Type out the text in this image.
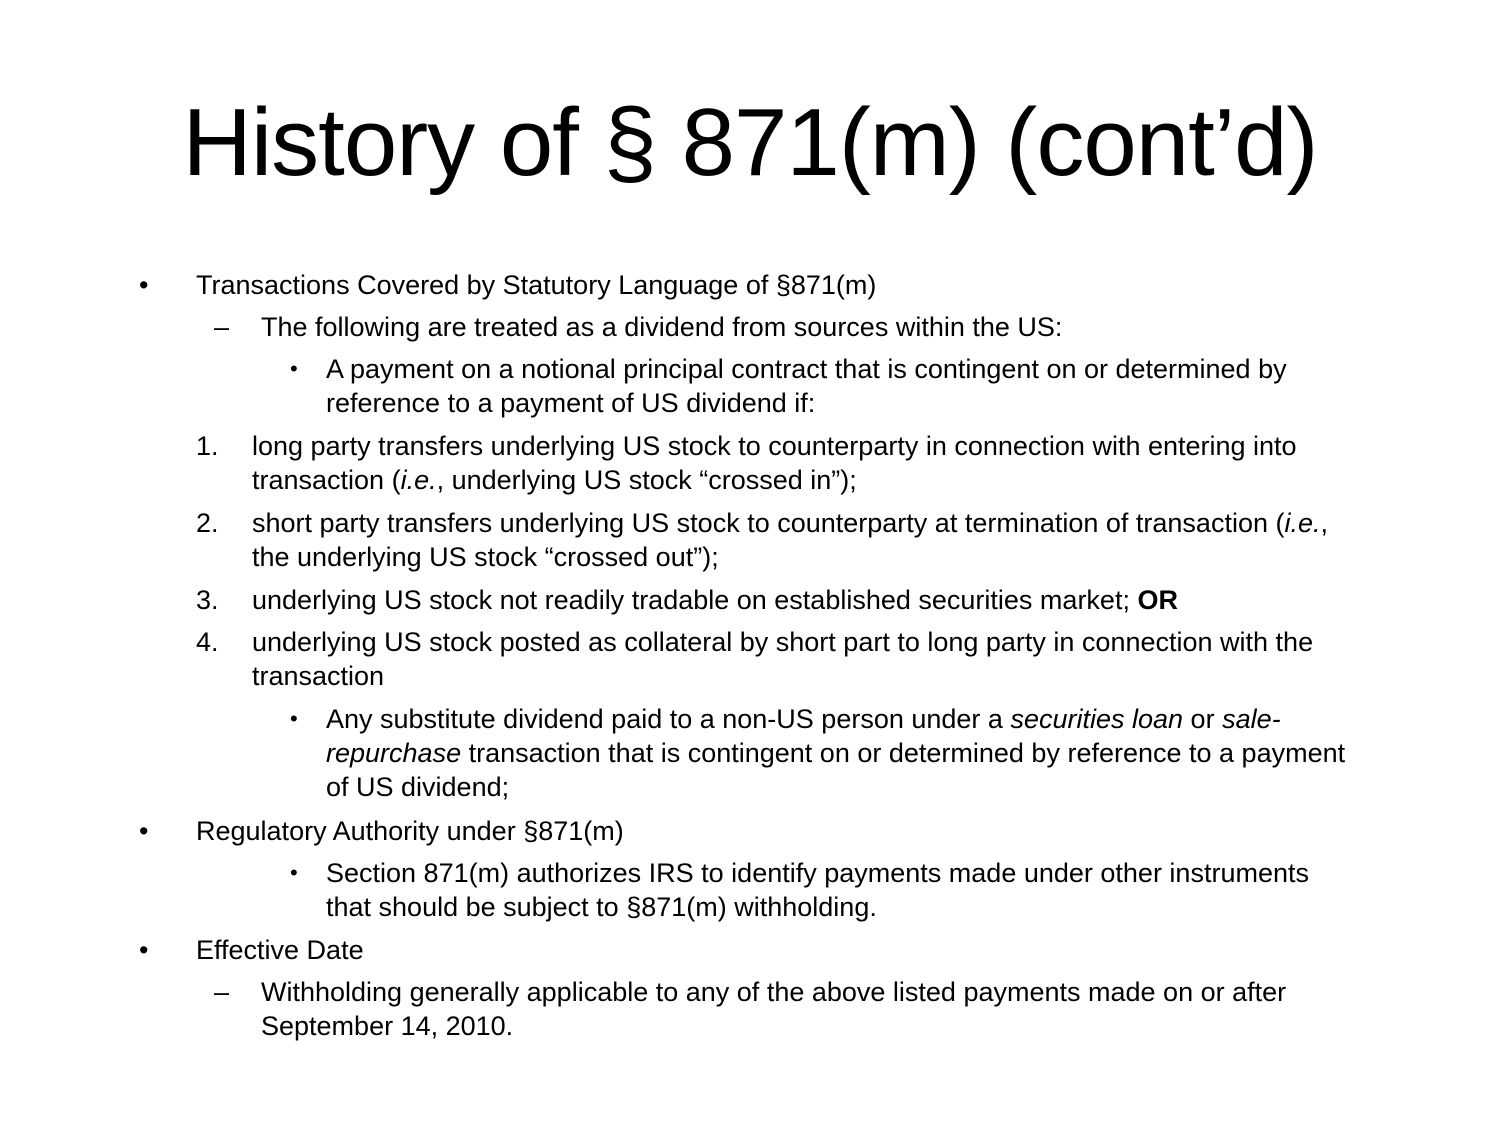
History of § 871(m) (cont’d)
• Transactions Covered by Statutory Language of §871(m)

– The following are treated as a dividend from sources within the US:

• A payment on a notional principal contract that is contingent on or determined by reference to a payment of US dividend if:

1. long party transfers underlying US stock to counterparty in connection with entering into transaction (i.e., underlying US stock “crossed in”);

2. short party transfers underlying US stock to counterparty at termination of transaction (i.e., the underlying US stock “crossed out”);

3. underlying US stock not readily tradable on established securities market; OR

4. underlying US stock posted as collateral by short part to long party in connection with the transaction

• Any substitute dividend paid to a non-US person under a securities loan or sale-repurchase transaction that is contingent on or determined by reference to a payment of US dividend;

• Regulatory Authority under §871(m)

• Section 871(m) authorizes IRS to identify payments made under other instruments that should be subject to §871(m) withholding.

• Effective Date

– Withholding generally applicable to any of the above listed payments made on or after September 14, 2010.
